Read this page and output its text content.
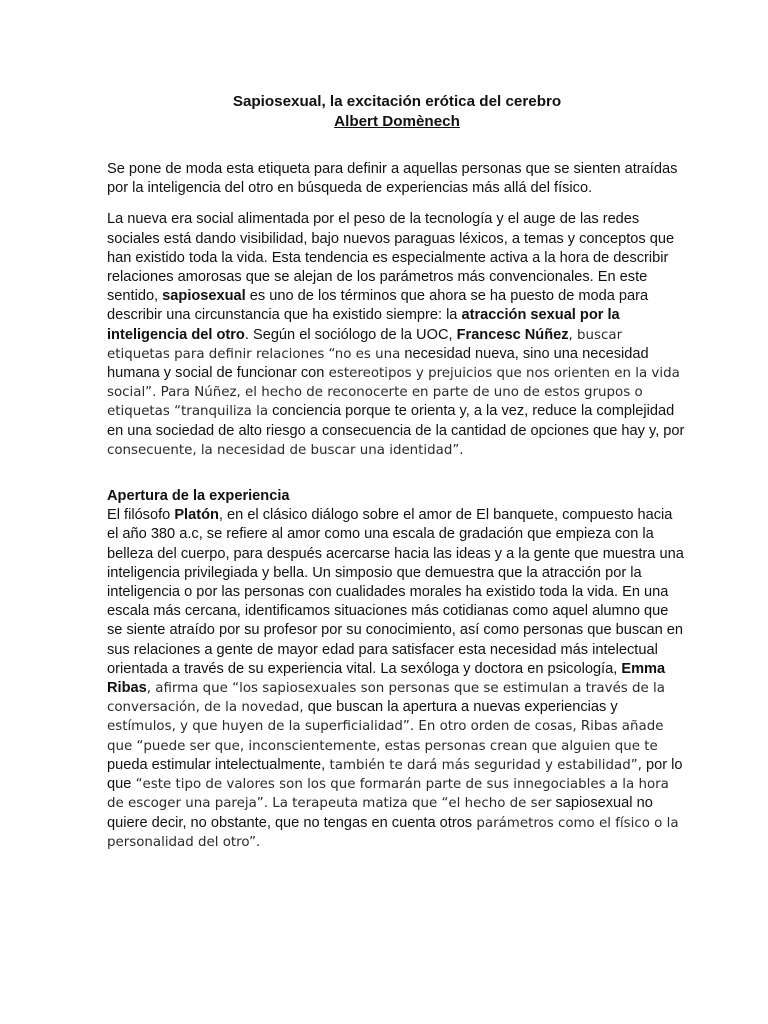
Sapiosexual, la excitación erótica del cerebro
Albert Domènech

Se pone de moda esta etiqueta para definir a aquellas personas que se sienten atraídas por la inteligencia del otro en búsqueda de experiencias más allá del físico.

La nueva era social alimentada por el peso de la tecnología y el auge de las redes sociales está dando visibilidad, bajo nuevos paraguas léxicos, a temas y conceptos que han existido toda la vida. Esta tendencia es especialmente activa a la hora de describir relaciones amorosas que se alejan de los parámetros más convencionales. En este sentido, sapiosexual es uno de los términos que ahora se ha puesto de moda para describir una circunstancia que ha existido siempre: la atracción sexual por la inteligencia del otro. Según el sociólogo de la UOC, Francesc Núñez, buscar etiquetas para definir relaciones “no es una necesidad nueva, sino una necesidad humana y social de funcionar con estereotipos y prejuicios que nos orienten en la vida social”. Para Núñez, el hecho de reconocerte en parte de uno de estos grupos o etiquetas “tranquiliza la conciencia porque te orienta y, a la vez, reduce la complejidad en una sociedad de alto riesgo a consecuencia de la cantidad de opciones que hay y, por consecuente, la necesidad de buscar una identidad”.

Apertura de la experiencia

El filósofo Platón, en el clásico diálogo sobre el amor de El banquete, compuesto hacia el año 380 a.c, se refiere al amor como una escala de gradación que empieza con la belleza del cuerpo, para después acercarse hacia las ideas y a la gente que muestra una inteligencia privilegiada y bella. Un simposio que demuestra que la atracción por la inteligencia o por las personas con cualidades morales ha existido toda la vida. En una escala más cercana, identificamos situaciones más cotidianas como aquel alumno que se siente atraído por su profesor por su conocimiento, así como personas que buscan en sus relaciones a gente de mayor edad para satisfacer esta necesidad más intelectual orientada a través de su experiencia vital. La sexóloga y doctora en psicología, Emma Ribas, afirma que “los sapiosexuales son personas que se estimulan a través de la conversación, de la novedad, que buscan la apertura a nuevas experiencias y estímulos, y que huyen de la superficialidad”. En otro orden de cosas, Ribas añade que “puede ser que, inconscientemente, estas personas crean que alguien que te pueda estimular intelectualmente, también te dará más seguridad y estabilidad”, por lo que “este tipo de valores son los que formarán parte de sus innegociables a la hora de escoger una pareja”. La terapeuta matiza que “el hecho de ser sapiosexual no quiere decir, no obstante, que no tengas en cuenta otros parámetros como el físico o la personalidad del otro”.
